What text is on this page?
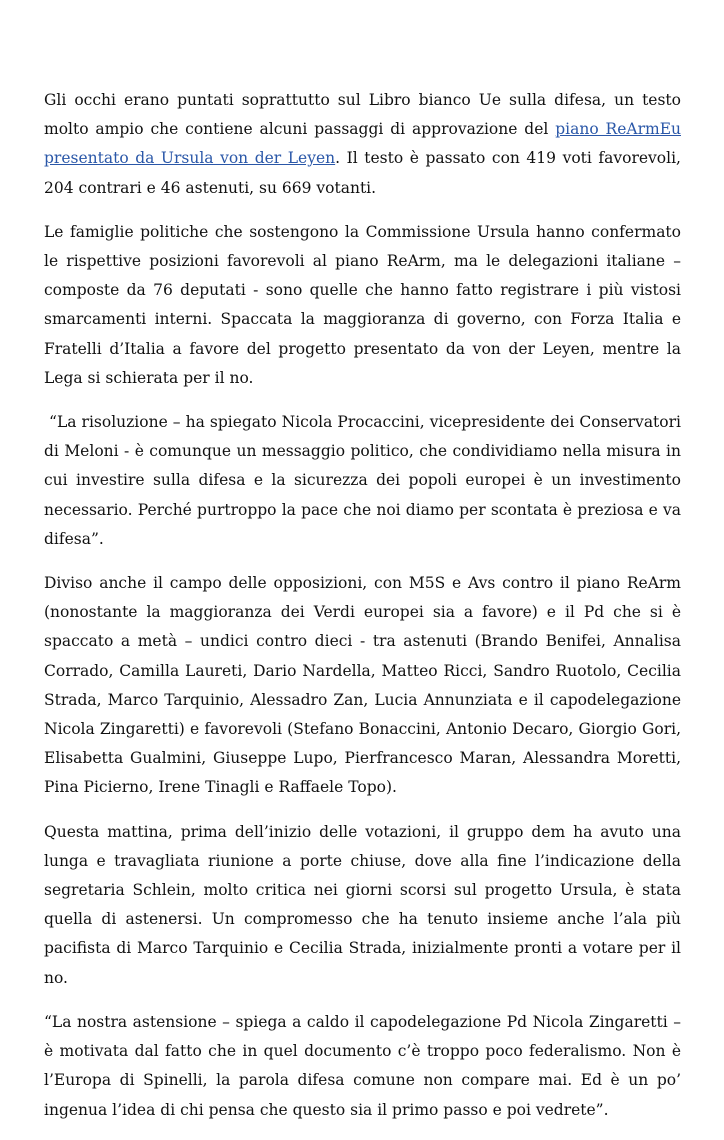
Gli occhi erano puntati soprattutto sul Libro bianco Ue sulla difesa, un testo molto ampio che contiene alcuni passaggi di approvazione del piano ReArmEu presentato da Ursula von der Leyen. Il testo è passato con 419 voti favorevoli, 204 contrari e 46 astenuti, su 669 votanti.

Le famiglie politiche che sostengono la Commissione Ursula hanno confermato le rispettive posizioni favorevoli al piano ReArm, ma le delegazioni italiane – composte da 76 deputati - sono quelle che hanno fatto registrare i più vistosi smarcamenti interni. Spaccata la maggioranza di governo, con Forza Italia e Fratelli d’Italia a favore del progetto presentato da von der Leyen, mentre la Lega si schierata per il no.

“La risoluzione – ha spiegato Nicola Procaccini, vicepresidente dei Conservatori di Meloni - è comunque un messaggio politico, che condividiamo nella misura in cui investire sulla difesa e la sicurezza dei popoli europei è un investimento necessario. Perché purtroppo la pace che noi diamo per scontata è preziosa e va difesa”.

Diviso anche il campo delle opposizioni, con M5S e Avs contro il piano ReArm (nonostante la maggioranza dei Verdi europei sia a favore) e il Pd che si è spaccato a metà – undici contro dieci - tra astenuti (Brando Benifei, Annalisa Corrado, Camilla Laureti, Dario Nardella, Matteo Ricci, Sandro Ruotolo, Cecilia Strada, Marco Tarquinio, Alessadro Zan, Lucia Annunziata e il capodelegazione Nicola Zingaretti) e favorevoli (Stefano Bonaccini, Antonio Decaro, Giorgio Gori, Elisabetta Gualmini, Giuseppe Lupo, Pierfrancesco Maran, Alessandra Moretti, Pina Picierno, Irene Tinagli e Raffaele Topo).

Questa mattina, prima dell’inizio delle votazioni, il gruppo dem ha avuto una lunga e travagliata riunione a porte chiuse, dove alla fine l’indicazione della segretaria Schlein, molto critica nei giorni scorsi sul progetto Ursula, è stata quella di astenersi. Un compromesso che ha tenuto insieme anche l’ala più pacifista di Marco Tarquinio e Cecilia Strada, inizialmente pronti a votare per il no.

“La nostra astensione – spiega a caldo il capodelegazione Pd Nicola Zingaretti – è motivata dal fatto che in quel documento c’è troppo poco federalismo. Non è l’Europa di Spinelli, la parola difesa comune non compare mai. Ed è un po’ ingenua l’idea di chi pensa che questo sia il primo passo e poi vedrete”.
